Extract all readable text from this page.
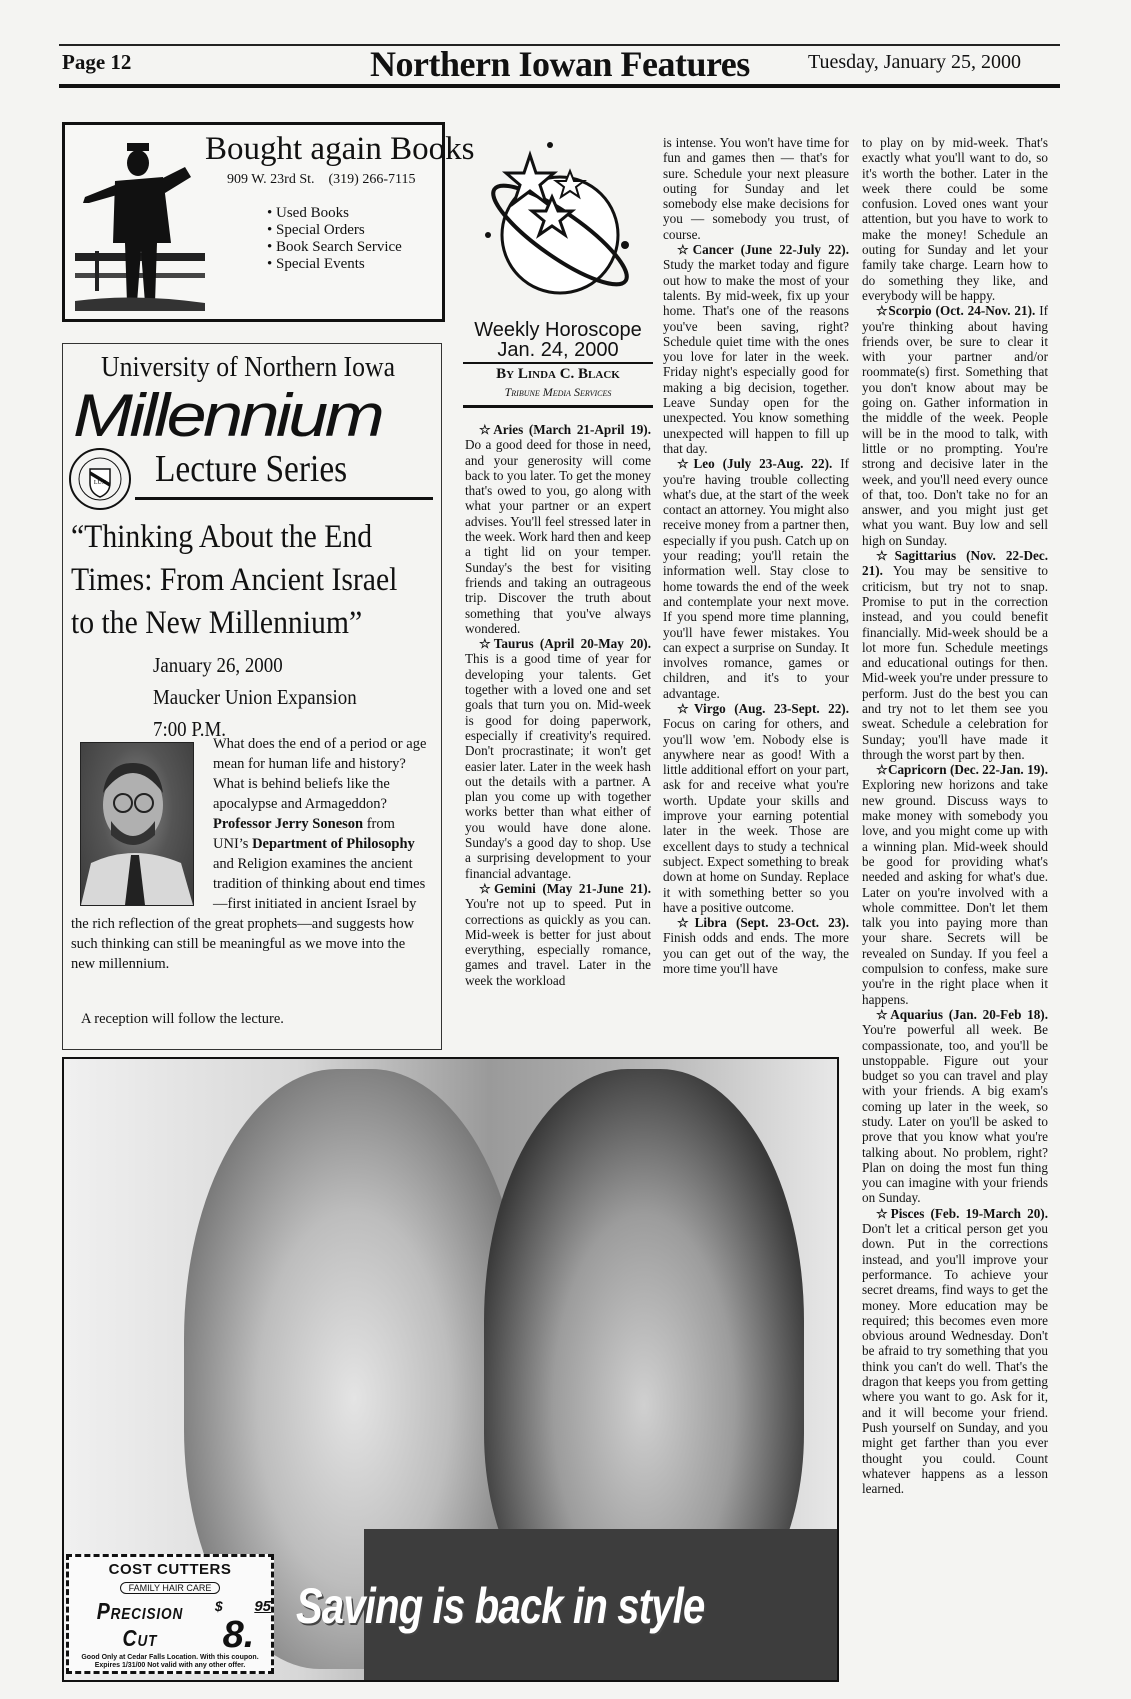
Page 12	Northern Iowan Features	Tuesday, January 25, 2000
Bought again Books
909 W. 23rd St. (319) 266-7115
• Used Books
• Special Orders
• Book Search Service
• Special Events
University of Northern Iowa
Millennium
LUX Lecture Series
“Thinking About the End
Times: From Ancient Israel
to the New Millennium”
January 26, 2000
Maucker Union Expansion
7:00 P.M.
What does the end of a period or age mean for human life and history? What is behind beliefs like the apocalypse and Armageddon? Professor Jerry Soneson from UNI’s Department of Philosophy and Religion examines the ancient tradition of thinking about end times—first initiated in ancient Israel by the rich reflection of the great prophets—and suggests how such thinking can still be meaningful as we move into the new millennium.
A reception will follow the lecture.
Weekly Horoscope
Jan. 24, 2000
By Linda C. Black
Tribune Media Services

☆Aries (March 21-April 19). Do a good deed for those in need, and your generosity will come back to you later. To get the money that's owed to you, go along with what your partner or an expert advises. You'll feel stressed later in the week. Work hard then and keep a tight lid on your temper. Sunday's the best for visiting friends and taking an outrageous trip. Discover the truth about something that you've always wondered.

☆Taurus (April 20-May 20). This is a good time of year for developing your talents. Get together with a loved one and set goals that turn you on. Mid-week is good for doing paperwork, especially if creativity's required. Don't procrastinate; it won't get easier later. Later in the week hash out the details with a partner. A plan you come up with together works better than what either of you would have done alone. Sunday's a good day to shop. Use a surprising development to your financial advantage.

☆Gemini (May 21-June 21). You're not up to speed. Put in corrections as quickly as you can. Mid-week is better for just about everything, especially romance, games and travel. Later in the week the workload

is intense. You won't have time for fun and games then — that's for sure. Schedule your next pleasure outing for Sunday and let somebody else make decisions for you — somebody you trust, of course.

☆Cancer (June 22-July 22). Study the market today and figure out how to make the most of your talents. By mid-week, fix up your home. That's one of the reasons you've been saving, right? Schedule quiet time with the ones you love for later in the week. Friday night's especially good for making a big decision, together. Leave Sunday open for the unexpected. You know something unexpected will happen to fill up that day.

☆Leo (July 23-Aug. 22). If you're having trouble collecting what's due, at the start of the week contact an attorney. You might also receive money from a partner then, especially if you push. Catch up on your reading; you'll retain the information well. Stay close to home towards the end of the week and contemplate your next move. If you spend more time planning, you'll have fewer mistakes. You can expect a surprise on Sunday. It involves romance, games or children, and it's to your advantage.

☆Virgo (Aug. 23-Sept. 22). Focus on caring for others, and you'll wow 'em. Nobody else is anywhere near as good! With a little additional effort on your part, ask for and receive what you're worth. Update your skills and improve your earning potential later in the week. Those are excellent days to study a technical subject. Expect something to break down at home on Sunday. Replace it with something better so you have a positive outcome.

☆Libra (Sept. 23-Oct. 23). Finish odds and ends. The more you can get out of the way, the more time you'll have

to play on by mid-week. That's exactly what you'll want to do, so it's worth the bother. Later in the week there could be some confusion. Loved ones want your attention, but you have to work to make the money! Schedule an outing for Sunday and let your family take charge. Learn how to do something they like, and everybody will be happy.

☆Scorpio (Oct. 24-Nov. 21). If you're thinking about having friends over, be sure to clear it with your partner and/or roommate(s) first. Something that you don't know about may be going on. Gather information in the middle of the week. People will be in the mood to talk, with little or no prompting. You're strong and decisive later in the week, and you'll need every ounce of that, too. Don't take no for an answer, and you might just get what you want. Buy low and sell high on Sunday.

☆Sagittarius (Nov. 22-Dec. 21). You may be sensitive to criticism, but try not to snap. Promise to put in the correction instead, and you could benefit financially. Mid-week should be a lot more fun. Schedule meetings and educational outings for then. Mid-week you're under pressure to perform. Just do the best you can and try not to let them see you sweat. Schedule a celebration for Sunday; you'll have made it through the worst part by then.

☆Capricorn (Dec. 22-Jan. 19). Exploring new horizons and take new ground. Discuss ways to make money with somebody you love, and you might come up with a winning plan. Mid-week should be good for providing what's needed and asking for what's due. Later on you're involved with a whole committee. Don't let them talk you into paying more than your share. Secrets will be revealed on Sunday. If you feel a compulsion to confess, make sure you're in the right place when it happens.

☆Aquarius (Jan. 20-Feb 18). You're powerful all week. Be compassionate, too, and you'll be unstoppable. Figure out your budget so you can travel and play with your friends. A big exam's coming up later in the week, so study. Later on you'll be asked to prove that you know what you're talking about. No problem, right? Plan on doing the most fun thing you can imagine with your friends on Sunday.

☆Pisces (Feb. 19-March 20). Don't let a critical person get you down. Put in the corrections instead, and you'll improve your performance. To achieve your secret dreams, find ways to get the money. More education may be required; this becomes even more obvious around Wednesday. Don't be afraid to try something that you think you can't do well. That's the dragon that keeps you from getting where you want to go. Ask for it, and it will become your friend. Push yourself on Sunday, and you might get farther than you ever thought you could. Count whatever happens as a lesson learned.

Saving is back in style
COST CUTTERS
FAMILY HAIR CARE
Precision Cut
$
8.
95
Good Only at Cedar Falls Location. With this coupon.
Expires 1/31/00 Not valid with any other offer.
